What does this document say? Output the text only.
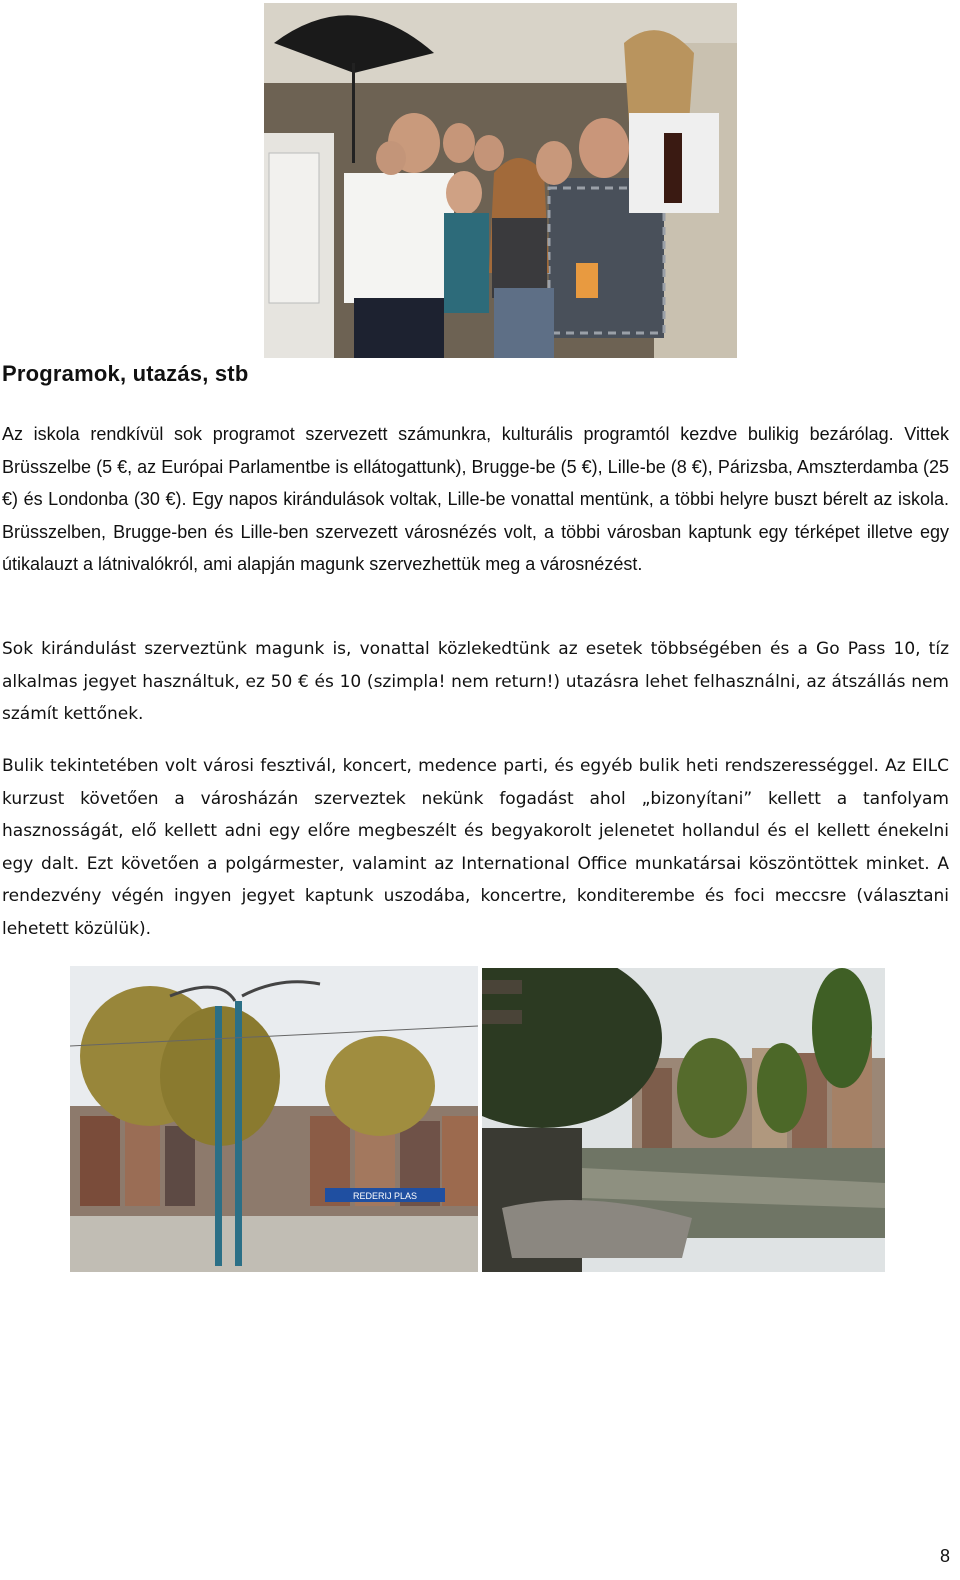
Programok, utazás, stb

Az iskola rendkívül sok programot szervezett számunkra, kulturális programtól kezdve bulikig bezárólag. Vittek Brüsszelbe (5 €, az Európai Parlamentbe is ellátogattunk), Brugge-be (5 €), Lille-be (8 €), Párizsba, Amszterdamba (25 €) és Londonba (30 €). Egy napos kirándulások voltak, Lille-be vonattal mentünk, a többi helyre buszt bérelt az iskola. Brüsszelben, Brugge-ben és Lille-ben szervezett városnézés volt, a többi városban kaptunk egy térképet illetve egy útikalauzt a látnivalókról, ami alapján magunk szervezhettük meg a városnézést.

Sok kirándulást szerveztünk magunk is, vonattal közlekedtünk az esetek többségében és a Go Pass 10, tíz alkalmas jegyet használtuk, ez 50 € és 10 (szimpla! nem return!) utazásra lehet felhasználni, az átszállás nem számít kettőnek.

Bulik tekintetében volt városi fesztivál, koncert, medence parti, és egyéb bulik heti rendszerességgel. Az EILC kurzust követően a városházán szerveztek nekünk fogadást ahol „bizonyítani” kellett a tanfolyam hasznosságát, elő kellett adni egy előre megbeszélt és begyakorolt jelenetet hollandul és el kellett énekelni egy dalt. Ezt követően a polgármester, valamint az International Office munkatársai köszöntöttek minket. A rendezvény végén ingyen jegyet kaptunk uszodába, koncertre, konditerembe és foci meccsre (választani lehetett közülük).

REDERIJ PLAS
8
